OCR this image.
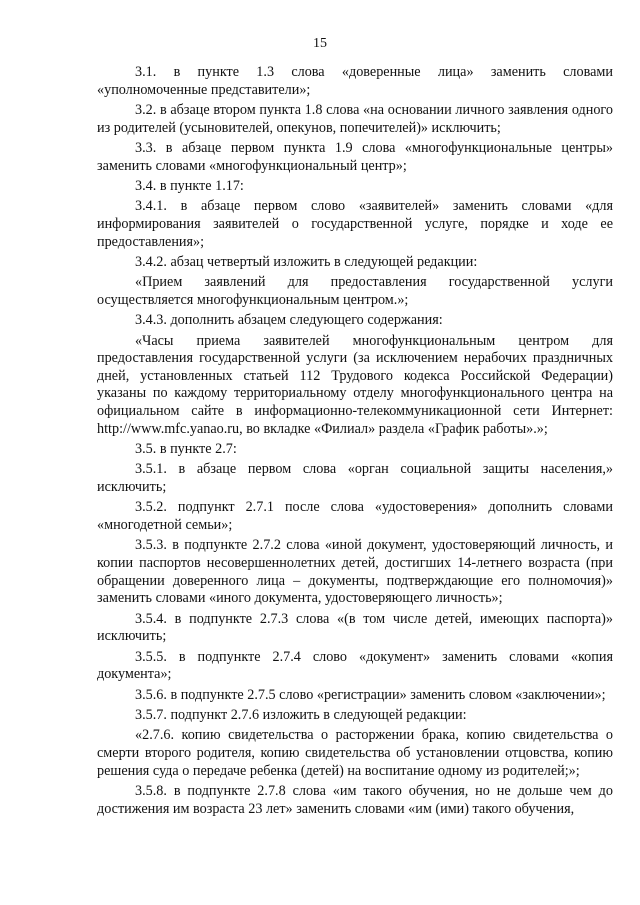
15

3.1. в пункте 1.3 слова «доверенные лица» заменить словами «уполномоченные представители»;

3.2. в абзаце втором пункта 1.8 слова «на основании личного заявления одного из родителей (усыновителей, опекунов, попечителей)» исключить;

3.3. в абзаце первом пункта 1.9 слова «многофункциональные центры» заменить словами «многофункциональный центр»;

3.4. в пункте 1.17:

3.4.1. в абзаце первом слово «заявителей» заменить словами «для информирования заявителей о государственной услуге, порядке и ходе ее предоставления»;

3.4.2. абзац четвертый изложить в следующей редакции:

«Прием заявлений для предоставления государственной услуги осуществляется многофункциональным центром.»;

3.4.3. дополнить абзацем следующего содержания:

«Часы приема заявителей многофункциональным центром для предоставления государственной услуги (за исключением нерабочих праздничных дней, установленных статьей 112 Трудового кодекса Российской Федерации) указаны по каждому территориальному отделу многофункционального центра на официальном сайте в информационно-телекоммуникационной сети Интернет: http://www.mfc.yanao.ru, во вкладке «Филиал» раздела «График работы».»;

3.5. в пункте 2.7:

3.5.1. в абзаце первом слова «орган социальной защиты населения,» исключить;

3.5.2. подпункт 2.7.1 после слова «удостоверения» дополнить словами «многодетной семьи»;

3.5.3. в подпункте 2.7.2 слова «иной документ, удостоверяющий личность, и копии паспортов несовершеннолетних детей, достигших 14-летнего возраста (при обращении доверенного лица – документы, подтверждающие его полномочия)» заменить словами «иного документа, удостоверяющего личность»;

3.5.4. в подпункте 2.7.3 слова «(в том числе детей, имеющих паспорта)» исключить;

3.5.5. в подпункте 2.7.4 слово «документ» заменить словами «копия документа»;

3.5.6. в подпункте 2.7.5 слово «регистрации» заменить словом «заключении»;

3.5.7. подпункт 2.7.6 изложить в следующей редакции:

«2.7.6. копию свидетельства о расторжении брака, копию свидетельства о смерти второго родителя, копию свидетельства об установлении отцовства, копию решения суда о передаче ребенка (детей) на воспитание одному из родителей;»;

3.5.8. в подпункте 2.7.8 слова «им такого обучения, но не дольше чем до достижения им возраста 23 лет» заменить словами «им (ими) такого обучения,
